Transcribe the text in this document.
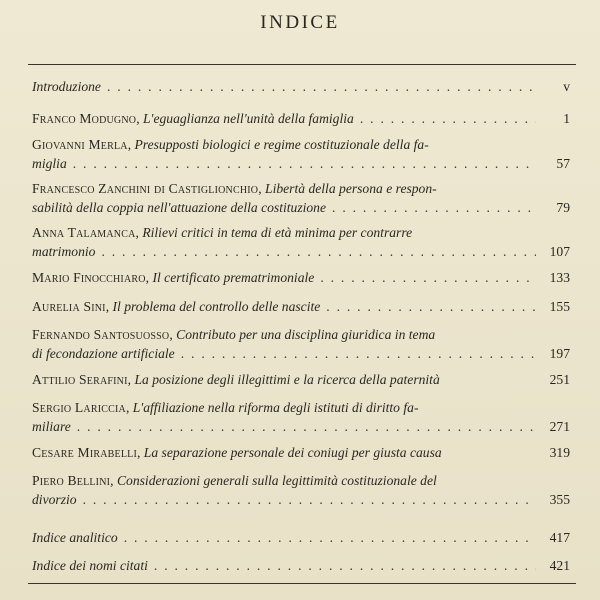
INDICE
Introduzione . . .	v
Franco Modugno, L'eguaglianza nell'unità della famiglia . . .	1
Giovanni Merla, Presupposti biologici e regime costituzionale della fa-
miglia . . .	57
Francesco Zanchini di Castiglionchio, Libertà della persona e respon-
sabilità della coppia nell'attuazione della costituzione . . .	79
Anna Talamanca, Rilievi critici in tema di età minima per contrarre
matrimonio . . .	107
Mario Finocchiaro, Il certificato prematrimoniale . . .	133
Aurelia Sini, Il problema del controllo delle nascite . . .	155
Fernando Santosuosso, Contributo per una disciplina giuridica in tema
di fecondazione artificiale . . .	197
Attilio Serafini, La posizione degli illegittimi e la ricerca della paternità	251
Sergio Lariccia, L'affiliazione nella riforma degli istituti di diritto fa-
miliare . . .	271
Cesare Mirabelli, La separazione personale dei coniugi per giusta causa	319
Piero Bellini, Considerazioni generali sulla legittimità costituzionale del
divorzio . . .	355
Indice analitico . . .	417
Indice dei nomi citati . . .	421
